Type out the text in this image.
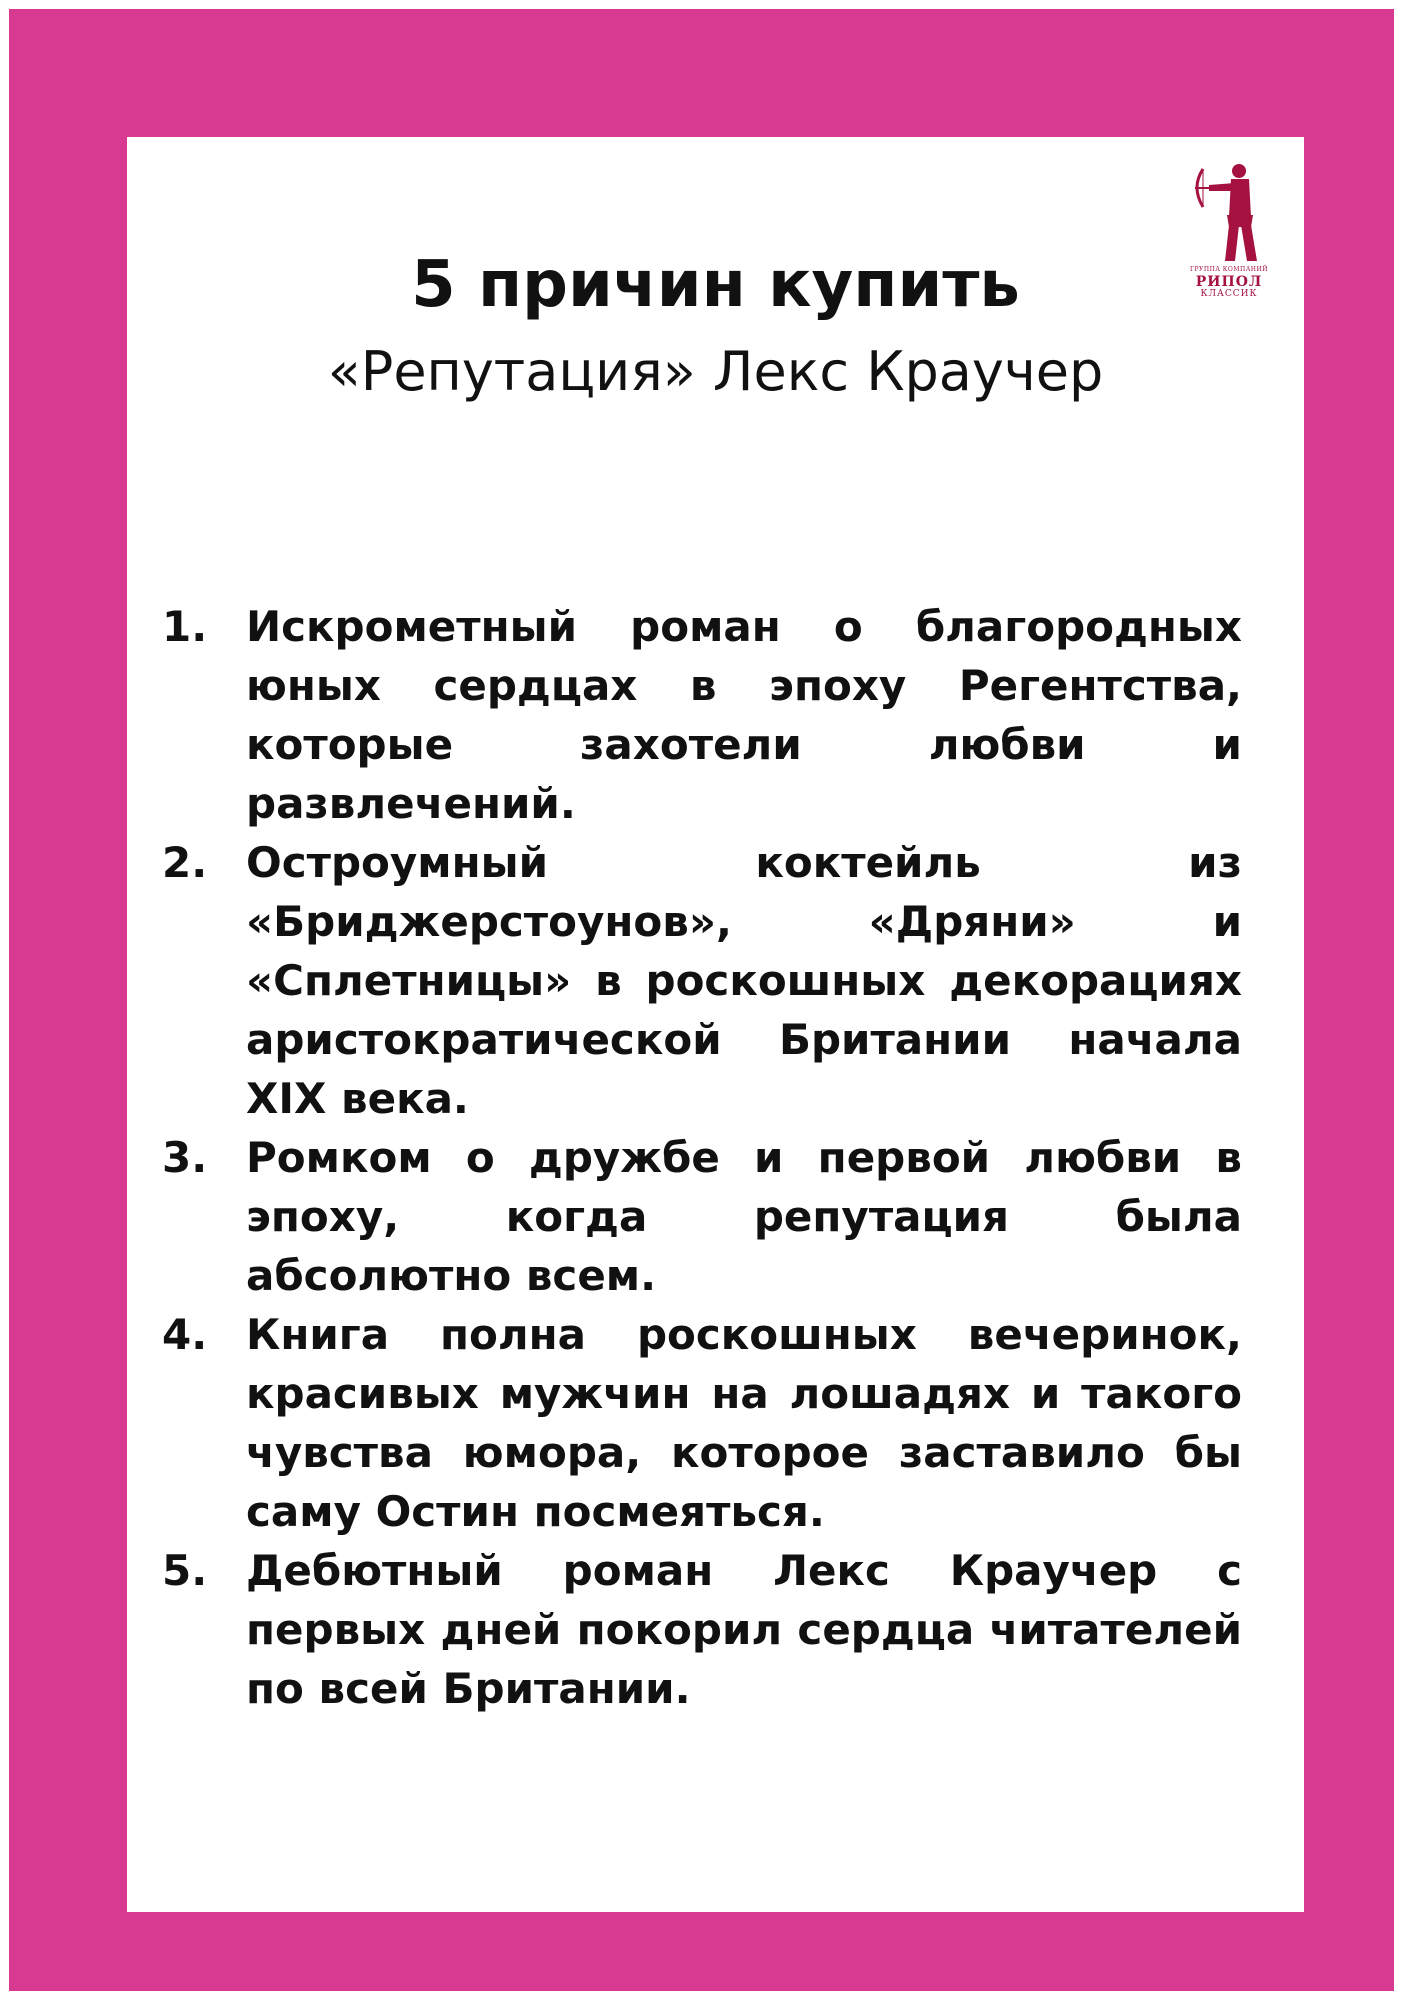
ГРУППА КОМПАНИЙ
РИПОЛ
КЛАССИК
5 причин купить
«Репутация» Лекс Краучер
1. Искрометный роман о благородных юных сердцах в эпоху Регентства, которые захотели любви и развлечений.
2. Остроумный коктейль из «Бриджерстоунов», «Дряни» и «Сплетницы» в роскошных декорациях аристократической Британии начала XIX века.
3. Ромком о дружбе и первой любви в эпоху, когда репутация была абсолютно всем.
4. Книга полна роскошных вечеринок, красивых мужчин на лошадях и такого чувства юмора, которое заставило бы саму Остин посмеяться.
5. Дебютный роман Лекс Краучер с первых дней покорил сердца читателей по всей Британии.
